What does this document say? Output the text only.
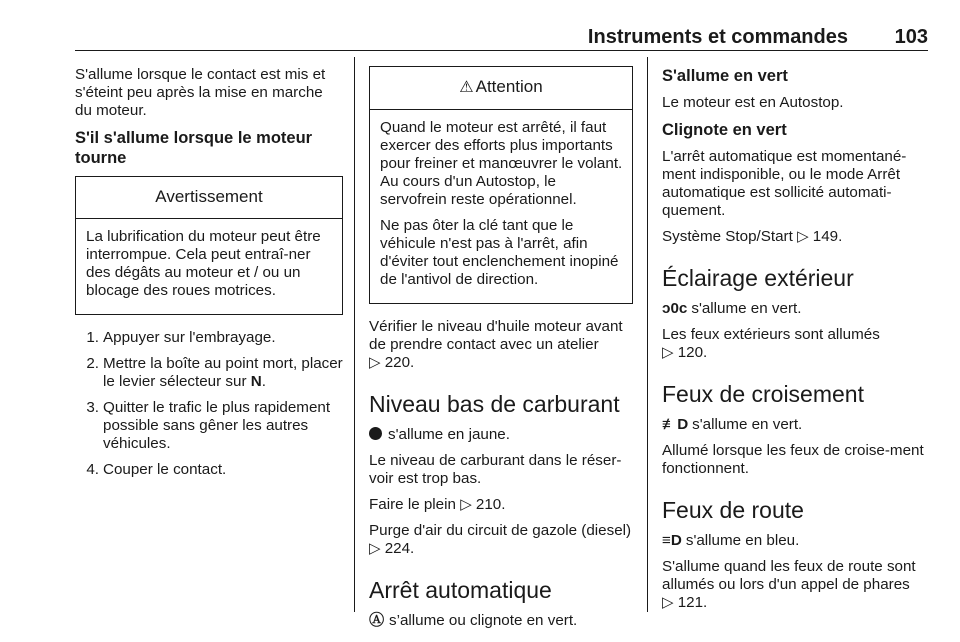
Instruments et commandes 103

S'allume lorsque le contact est mis et s'éteint peu après la mise en marche du moteur.

S'il s'allume lorsque le moteur tourne
Avertissement

La lubrification du moteur peut être interrompue. Cela peut entraî-ner des dégâts au moteur et / ou un blocage des roues motrices.

1. Appuyer sur l'embrayage.
2. Mettre la boîte au point mort, placer le levier sélecteur sur N.
3. Quitter le trafic le plus rapidement possible sans gêner les autres véhicules.
4. Couper le contact.
⚠ Attention

Quand le moteur est arrêté, il faut exercer des efforts plus importants pour freiner et manœuvrer le volant. Au cours d'un Autostop, le servofrein reste opérationnel.

Ne pas ôter la clé tant que le véhicule n'est pas à l'arrêt, afin d'éviter tout enclenchement inopiné de l'antivol de direction.

Vérifier le niveau d'huile moteur avant de prendre contact avec un atelier
▷ 220.

Niveau bas de carburant

s'allume en jaune.

Le niveau de carburant dans le réser-voir est trop bas.

Faire le plein ▷ 210.

Purge d'air du circuit de gazole (diesel) ▷ 224.

Arrêt automatique

Ⓐ s’allume ou clignote en vert.

S'allume en vert

Le moteur est en Autostop.

Clignote en vert

L'arrêt automatique est momentané-ment indisponible, ou le mode Arrêt automatique est sollicité automati-quement.

Système Stop/Start ▷ 149.

Éclairage extérieur

ᴐ0ᴄ s'allume en vert.

Les feux extérieurs sont allumés
▷ 120.

Feux de croisement

≢D s'allume en vert.

Allumé lorsque les feux de croise-ment fonctionnent.

Feux de route

≡D s'allume en bleu.

S'allume quand les feux de route sont allumés ou lors d'un appel de phares
▷ 121.
